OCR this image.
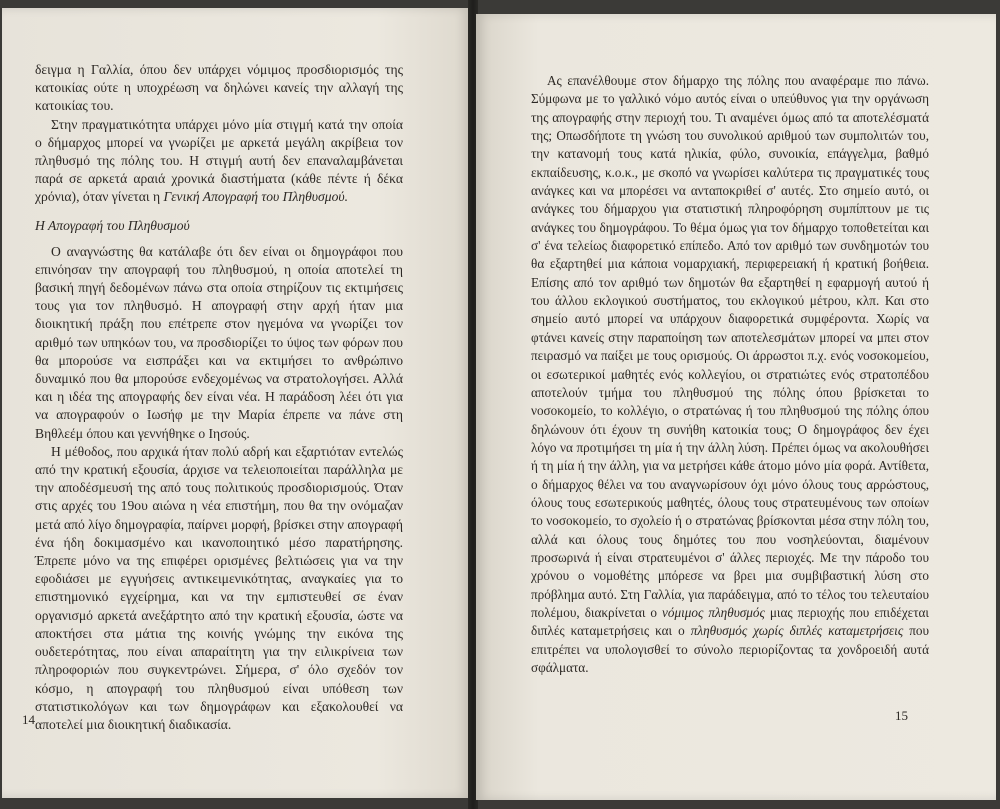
δειγμα η Γαλλία, όπου δεν υπάρχει νόμιμος προσδιορισμός της κατοικίας ούτε η υποχρέωση να δηλώνει κανείς την αλλαγή της κατοικίας του.

Στην πραγματικότητα υπάρχει μόνο μία στιγμή κατά την οποία ο δήμαρχος μπορεί να γνωρίζει με αρκετά μεγάλη ακρίβεια τον πληθυσμό της πόλης του. Η στιγμή αυτή δεν επαναλαμβάνεται παρά σε αρκετά αραιά χρονικά διαστήματα (κάθε πέντε ή δέκα χρόνια), όταν γίνεται η Γενική Απογραφή του Πληθυσμού.

Η Απογραφή του Πληθυσμού

Ο αναγνώστης θα κατάλαβε ότι δεν είναι οι δημογράφοι που επινόησαν την απογραφή του πληθυσμού, η οποία αποτελεί τη βασική πηγή δεδομένων πάνω στα οποία στηρίζουν τις εκτιμήσεις τους για τον πληθυσμό. Η απογραφή στην αρχή ήταν μια διοικητική πράξη που επέτρεπε στον ηγεμόνα να γνωρίζει τον αριθμό των υπηκόων του, να προσδιορίζει το ύψος των φόρων που θα μπορούσε να εισπράξει και να εκτιμήσει το ανθρώπινο δυναμικό που θα μπορούσε ενδεχομένως να στρατολογήσει. Αλλά και η ιδέα της απογραφής δεν είναι νέα. Η παράδοση λέει ότι για να απογραφούν ο Ιωσήφ με την Μαρία έπρεπε να πάνε στη Βηθλεέμ όπου και γεννήθηκε ο Ιησούς.

Η μέθοδος, που αρχικά ήταν πολύ αδρή και εξαρτιόταν εντελώς από την κρατική εξουσία, άρχισε να τελειοποιείται παράλληλα με την αποδέσμευσή της από τους πολιτικούς προσδιορισμούς. Όταν στις αρχές του 19ου αιώνα η νέα επιστήμη, που θα την ονόμαζαν μετά από λίγο δημογραφία, παίρνει μορφή, βρίσκει στην απογραφή ένα ήδη δοκιμασμένο και ικανοποιητικό μέσο παρατήρησης. Έπρεπε μόνο να της επιφέρει ορισμένες βελτιώσεις για να την εφοδιάσει με εγγυήσεις αντικειμενικότητας, αναγκαίες για το επιστημονικό εγχείρημα, και να την εμπιστευθεί σε έναν οργανισμό αρκετά ανεξάρτητο από την κρατική εξουσία, ώστε να αποκτήσει στα μάτια της κοινής γνώμης την εικόνα της ουδετερότητας, που είναι απαραίτητη για την ειλικρίνεια των πληροφοριών που συγκεντρώνει. Σήμερα, σ' όλο σχεδόν τον κόσμο, η απογραφή του πληθυσμού είναι υπόθεση των στατιστικολόγων και των δημογράφων και εξακολουθεί να αποτελεί μια διοικητική διαδικασία.

14

Ας επανέλθουμε στον δήμαρχο της πόλης που αναφέραμε πιο πάνω. Σύμφωνα με το γαλλικό νόμο αυτός είναι ο υπεύθυνος για την οργάνωση της απογραφής στην περιοχή του. Τι αναμένει όμως από τα αποτελέσματά της; Οπωσδήποτε τη γνώση του συνολικού αριθμού των συμπολιτών του, την κατανομή τους κατά ηλικία, φύλο, συνοικία, επάγγελμα, βαθμό εκπαίδευσης, κ.ο.κ., με σκοπό να γνωρίσει καλύτερα τις πραγματικές τους ανάγκες και να μπορέσει να ανταποκριθεί σ' αυτές. Στο σημείο αυτό, οι ανάγκες του δήμαρχου για στατιστική πληροφόρηση συμπίπτουν με τις ανάγκες του δημογράφου. Το θέμα όμως για τον δήμαρχο τοποθετείται και σ' ένα τελείως διαφορετικό επίπεδο. Από τον αριθμό των συνδημοτών του θα εξαρτηθεί μια κάποια νομαρχιακή, περιφερειακή ή κρατική βοήθεια. Επίσης από τον αριθμό των δημοτών θα εξαρτηθεί η εφαρμογή αυτού ή του άλλου εκλογικού συστήματος, του εκλογικού μέτρου, κλπ. Και στο σημείο αυτό μπορεί να υπάρχουν διαφορετικά συμφέροντα. Χωρίς να φτάνει κανείς στην παραποίηση των αποτελεσμάτων μπορεί να μπει στον πειρασμό να παίξει με τους ορισμούς. Οι άρρωστοι π.χ. ενός νοσοκομείου, οι εσωτερικοί μαθητές ενός κολλεγίου, οι στρατιώτες ενός στρατοπέδου αποτελούν τμήμα του πληθυσμού της πόλης όπου βρίσκεται το νοσοκομείο, το κολλέγιο, ο στρατώνας ή του πληθυσμού της πόλης όπου δηλώνουν ότι έχουν τη συνήθη κατοικία τους; Ο δημογράφος δεν έχει λόγο να προτιμήσει τη μία ή την άλλη λύση. Πρέπει όμως να ακολουθήσει ή τη μία ή την άλλη, για να μετρήσει κάθε άτομο μόνο μία φορά. Αντίθετα, ο δήμαρχος θέλει να του αναγνωρίσουν όχι μόνο όλους τους αρρώστους, όλους τους εσωτερικούς μαθητές, όλους τους στρατευμένους των οποίων το νοσοκομείο, το σχολείο ή ο στρατώνας βρίσκονται μέσα στην πόλη του, αλλά και όλους τους δημότες του που νοσηλεύονται, διαμένουν προσωρινά ή είναι στρατευμένοι σ' άλλες περιοχές. Με την πάροδο του χρόνου ο νομοθέτης μπόρεσε να βρει μια συμβιβαστική λύση στο πρόβλημα αυτό. Στη Γαλλία, για παράδειγμα, από το τέλος του τελευταίου πολέμου, διακρίνεται ο νόμιμος πληθυσμός μιας περιοχής που επιδέχεται διπλές καταμετρήσεις και ο πληθυσμός χωρίς διπλές καταμετρήσεις που επιτρέπει να υπολογισθεί το σύνολο περιορίζοντας τα χονδροειδή αυτά σφάλματα.

15
